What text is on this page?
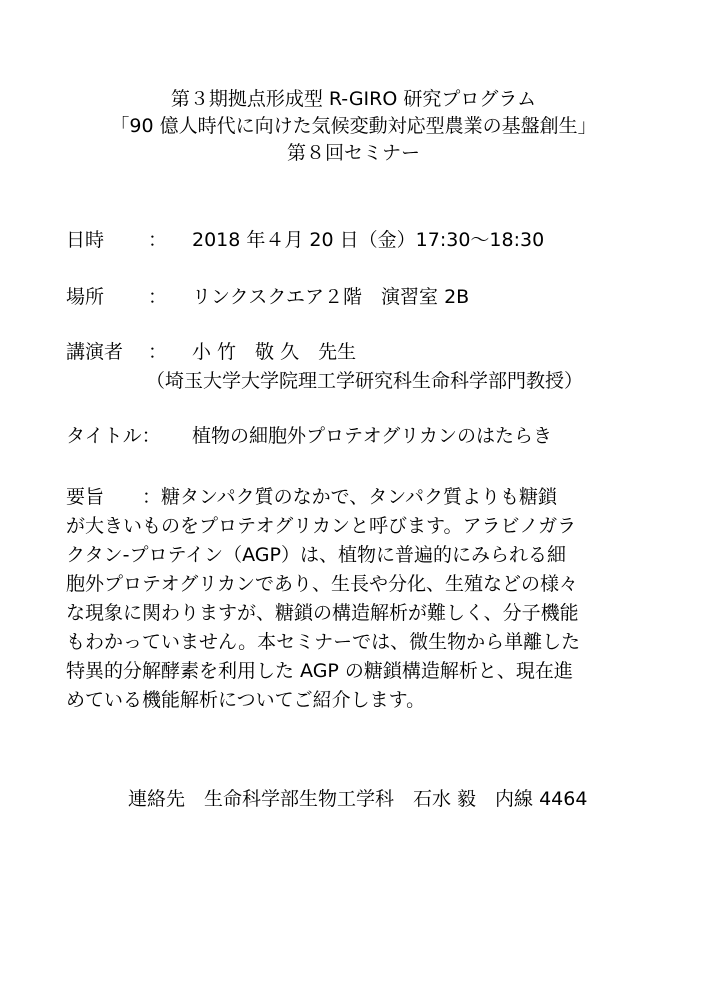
第３期拠点形成型 R-GIRO 研究プログラム
「90 億人時代に向けた気候変動対応型農業の基盤創生」
第８回セミナー
日時 ： 2018 年４月 20 日（金）17:30～18:30
場所 ： リンクスクエア２階　演習室 2B
講演者 ： 小 竹　敬 久　先生
（埼玉大学大学院理工学研究科生命科学部門教授）
タイトル： 植物の細胞外プロテオグリカンのはたらき
要旨　　：糖タンパク質のなかで、タンパク質よりも糖鎖
が大きいものをプロテオグリカンと呼びます。アラビノガラ
クタン-プロテイン（AGP）は、植物に普遍的にみられる細
胞外プロテオグリカンであり、生長や分化、生殖などの様々
な現象に関わりますが、糖鎖の構造解析が難しく、分子機能
もわかっていません。本セミナーでは、微生物から単離した
特異的分解酵素を利用した AGP の糖鎖構造解析と、現在進
めている機能解析についてご紹介します。
連絡先　生命科学部生物工学科　石水 毅　内線 4464
